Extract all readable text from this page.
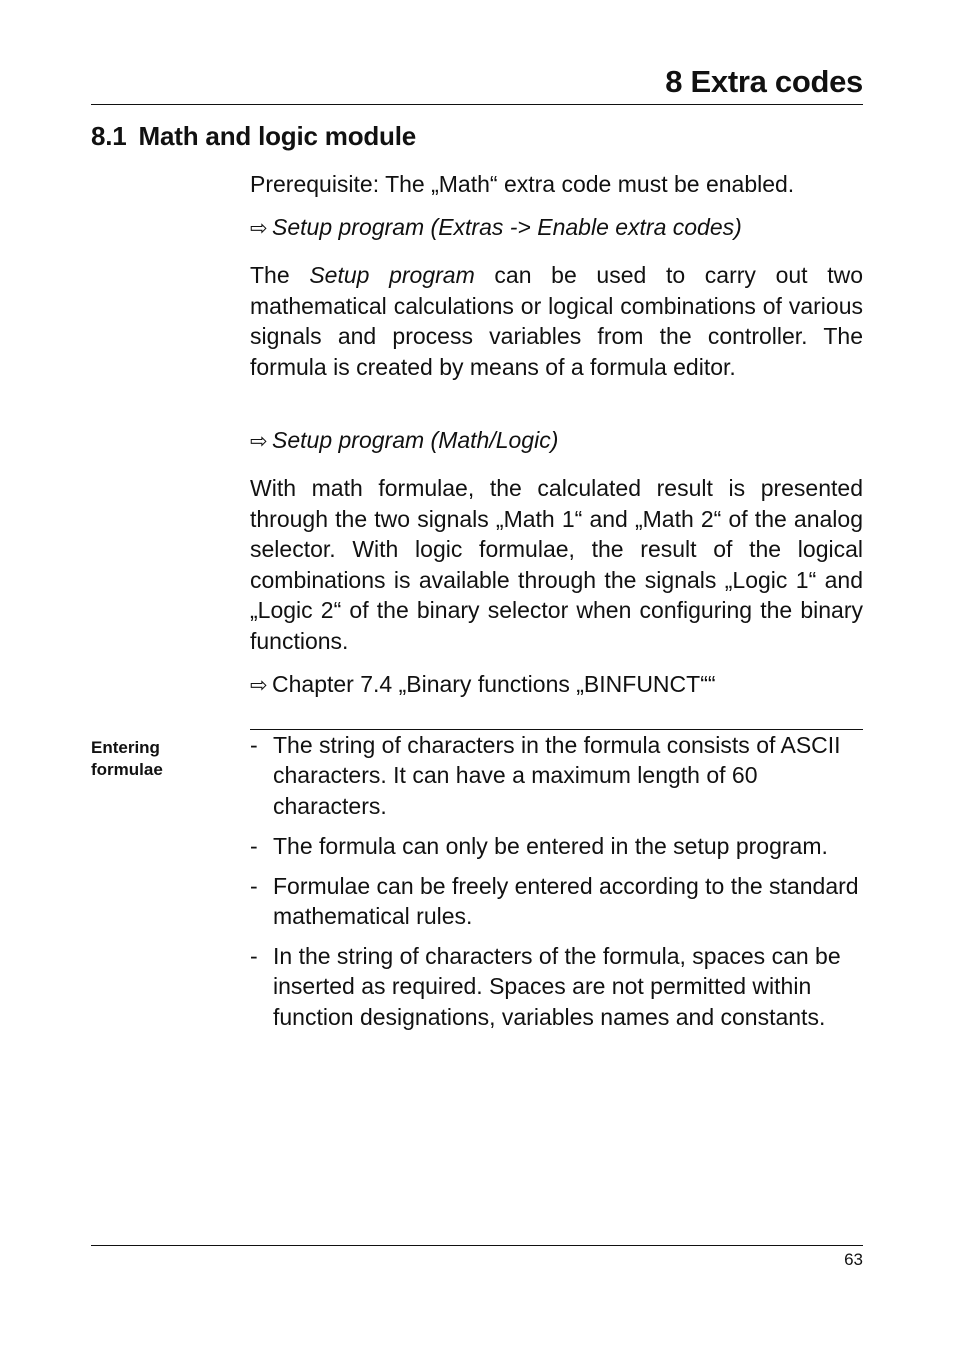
8 Extra codes
8.1 Math and logic module

Prerequisite: The „Math“ extra code must be enabled.

⇨ Setup program (Extras -> Enable extra codes)

The Setup program can be used to carry out two mathematical calculations or logical combinations of various signals and process variables from the controller. The formula is created by means of a formula editor.

⇨ Setup program (Math/Logic)

With math formulae, the calculated result is presented through the two signals „Math 1“ and „Math 2“ of the analog selector. With logic formulae, the result of the logical combinations is available through the signals „Logic 1“ and „Logic 2“ of the binary selector when configuring the binary functions.

⇨ Chapter 7.4 „Binary functions „BINFUNCT““

Entering
formulae
- The string of characters in the formula consists of ASCII characters. It can have a maximum length of 60 characters.
- The formula can only be entered in the setup program.
- Formulae can be freely entered according to the standard mathematical rules.
- In the string of characters of the formula, spaces can be inserted as required. Spaces are not permitted within function designations, variables names and constants.
63
